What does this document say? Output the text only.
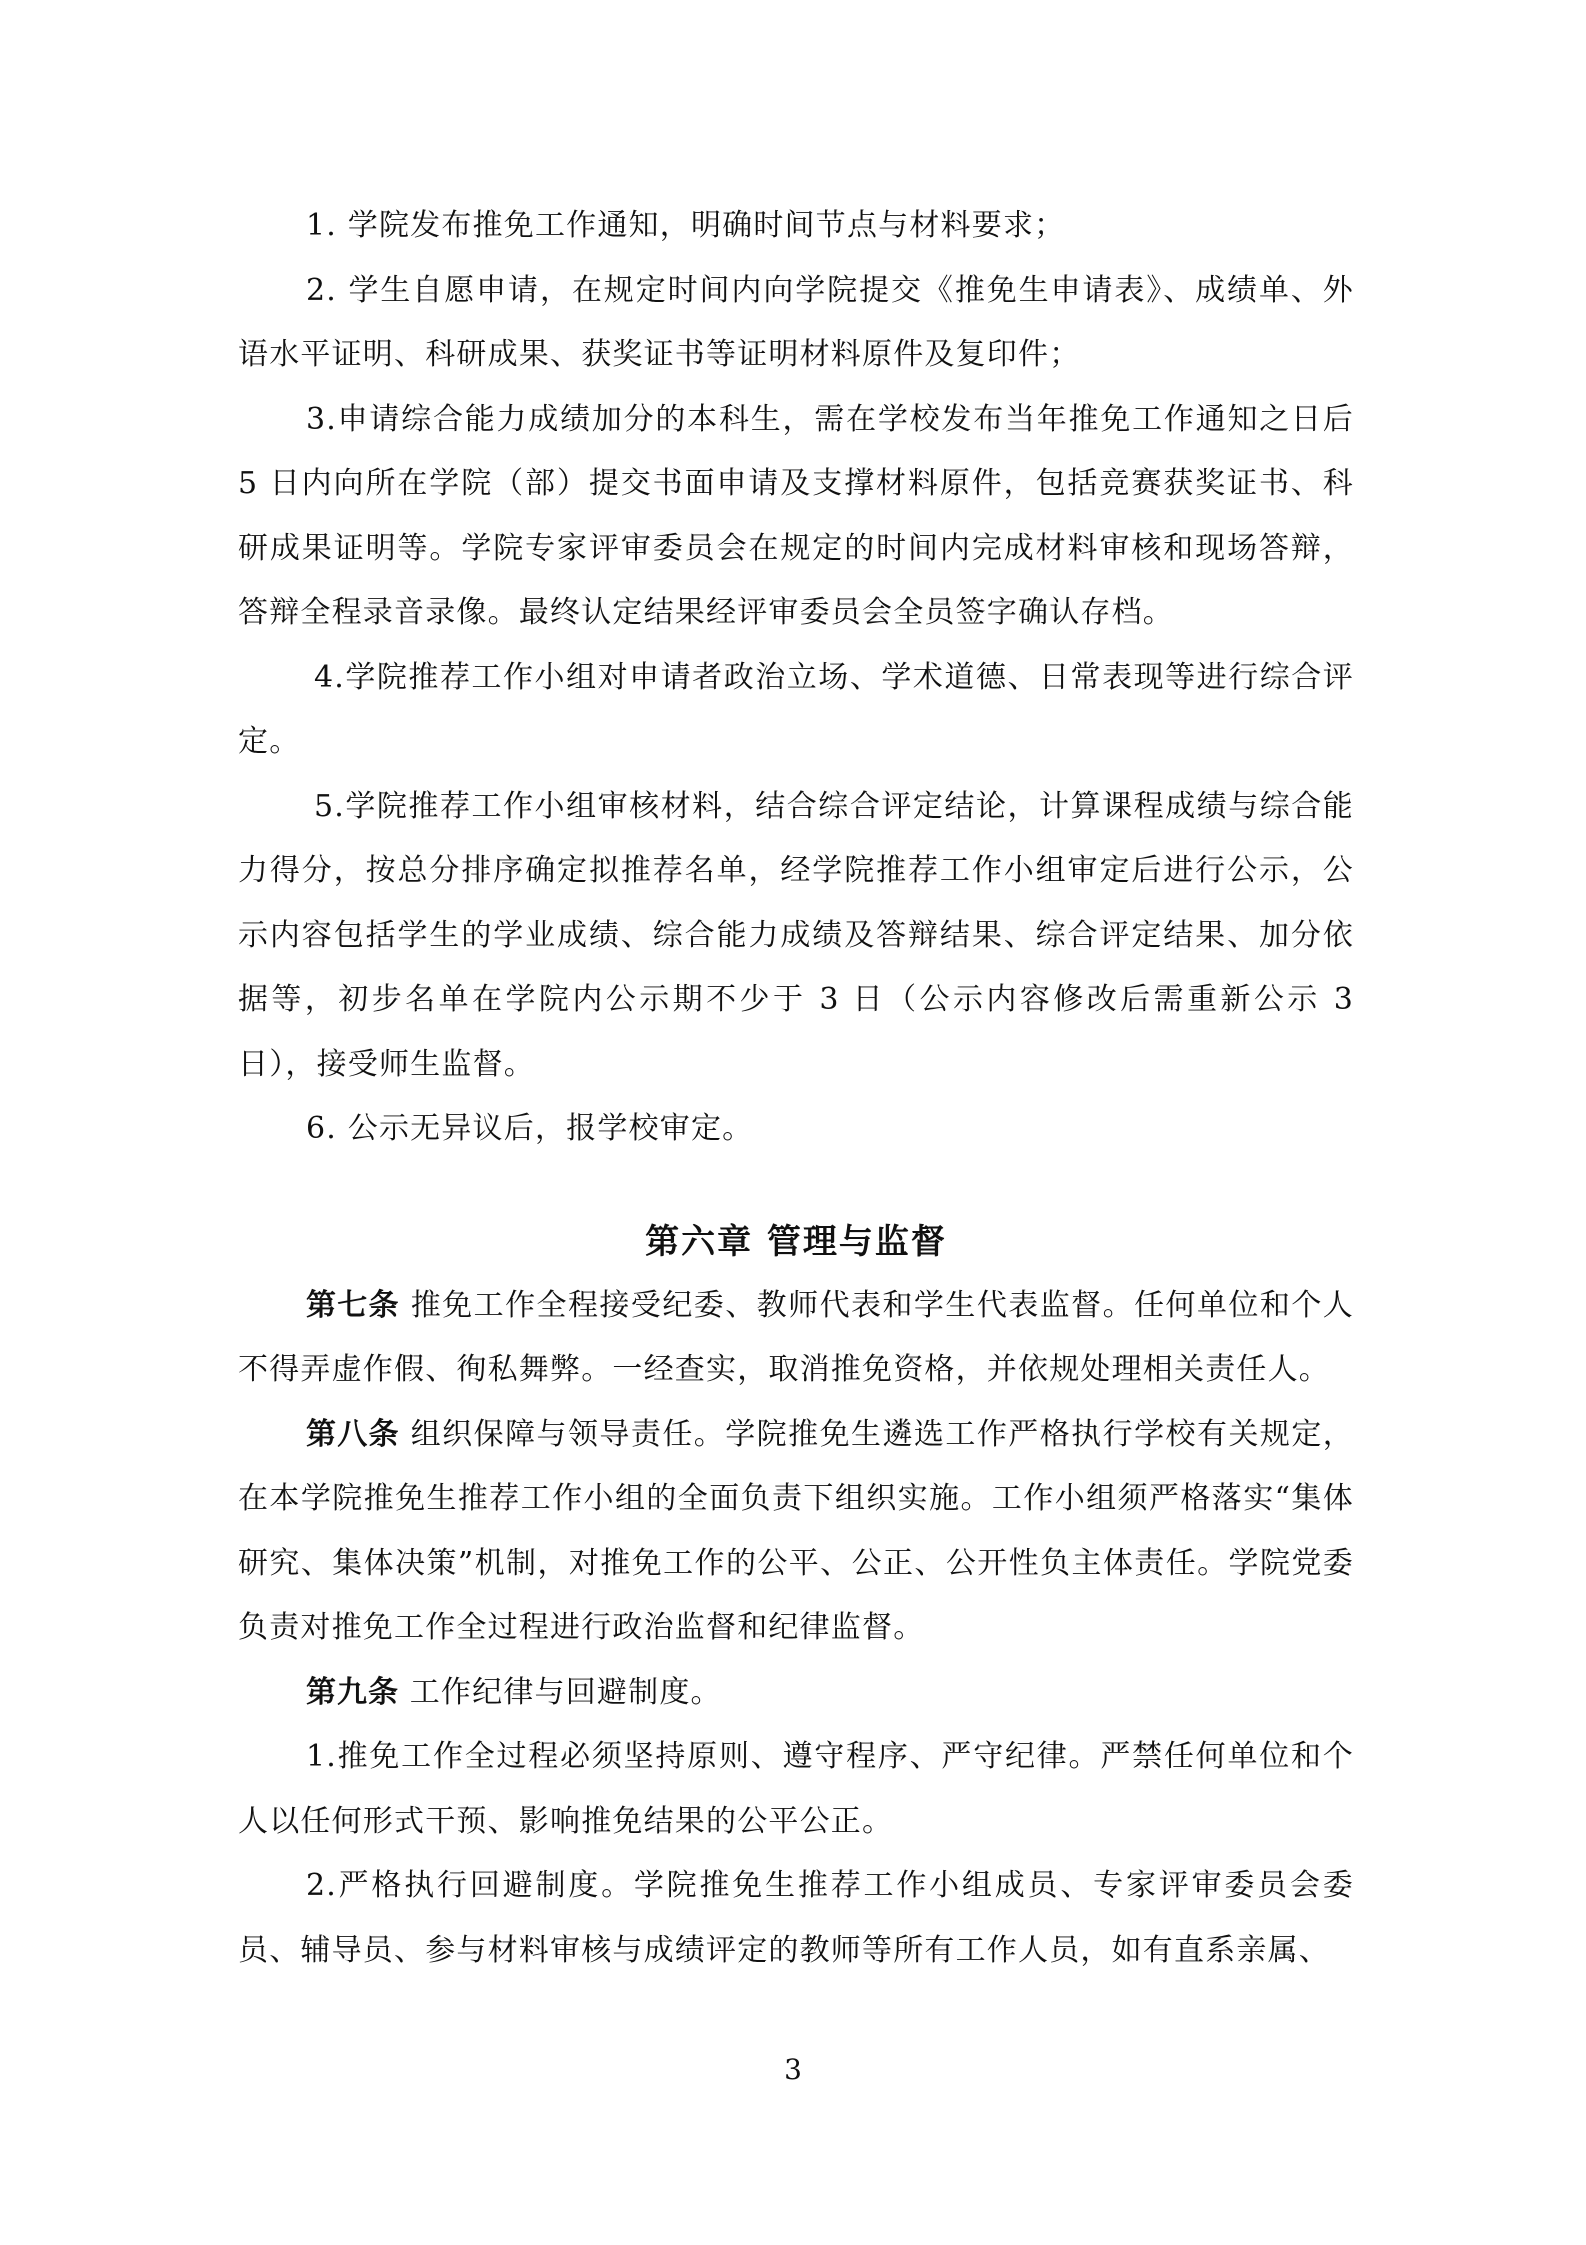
1. 学院发布推免工作通知，明确时间节点与材料要求；

2. 学生自愿申请，在规定时间内向学院提交《推免生申请表》、成绩单、外语水平证明、科研成果、获奖证书等证明材料原件及复印件；

3.申请综合能力成绩加分的本科生，需在学校发布当年推免工作通知之日后 5 日内向所在学院（部）提交书面申请及支撑材料原件，包括竞赛获奖证书、科研成果证明等。学院专家评审委员会在规定的时间内完成材料审核和现场答辩，答辩全程录音录像。最终认定结果经评审委员会全员签字确认存档。

4.学院推荐工作小组对申请者政治立场、学术道德、日常表现等进行综合评定。

5.学院推荐工作小组审核材料，结合综合评定结论，计算课程成绩与综合能力得分，按总分排序确定拟推荐名单，经学院推荐工作小组审定后进行公示，公示内容包括学生的学业成绩、综合能力成绩及答辩结果、综合评定结果、加分依据等，初步名单在学院内公示期不少于 3 日（公示内容修改后需重新公示 3 日），接受师生监督。

6. 公示无异议后，报学校审定。

第六章 管理与监督

第七条 推免工作全程接受纪委、教师代表和学生代表监督。任何单位和个人不得弄虚作假、徇私舞弊。一经查实，取消推免资格，并依规处理相关责任人。

第八条 组织保障与领导责任。学院推免生遴选工作严格执行学校有关规定，在本学院推免生推荐工作小组的全面负责下组织实施。工作小组须严格落实“集体研究、集体决策”机制，对推免工作的公平、公正、公开性负主体责任。学院党委负责对推免工作全过程进行政治监督和纪律监督。

第九条 工作纪律与回避制度。

1.推免工作全过程必须坚持原则、遵守程序、严守纪律。严禁任何单位和个人以任何形式干预、影响推免结果的公平公正。

2.严格执行回避制度。学院推免生推荐工作小组成员、专家评审委员会委员、辅导员、参与材料审核与成绩评定的教师等所有工作人员，如有直系亲属、

3
